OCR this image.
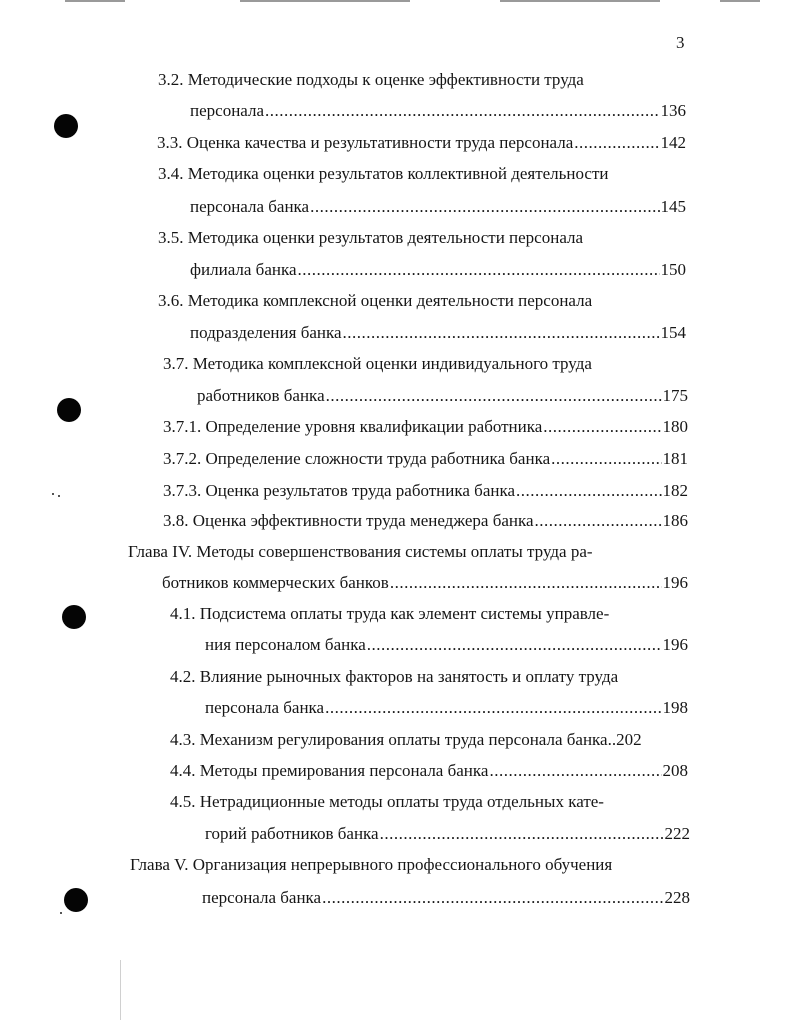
3
3.2. Методические подходы к оценке эффективности труда
персонала .....	136
3.3. Оценка качества и результативности труда персонала .....	142
3.4. Методика оценки результатов коллективной деятельности
персонала банка .....	145
3.5. Методика оценки результатов деятельности персонала
филиала банка .....	150
3.6. Методика комплексной оценки деятельности персонала
подразделения банка .....	154
3.7. Методика комплексной оценки индивидуального труда
работников банка .....	175
3.7.1. Определение уровня квалификации работника .....	180
3.7.2. Определение сложности труда работника банка .....	181
3.7.3. Оценка результатов труда работника банка .....	182
3.8. Оценка эффективности труда менеджера банка .....	186
Глава IV. Методы совершенствования системы оплаты труда ра-
ботников коммерческих банков .....	196
4.1. Подсистема оплаты труда как элемент системы управле-
ния персоналом банка .....	196
4.2. Влияние рыночных факторов на занятость и оплату труда
персонала банка .....	198
4.3. Механизм регулирования оплаты труда персонала банка..202
4.4. Методы премирования персонала банка .....	208
4.5. Нетрадиционные методы оплаты труда отдельных кате-
горий работников банка .....	222
Глава V. Организация непрерывного профессионального обучения
персонала банка .....	228
